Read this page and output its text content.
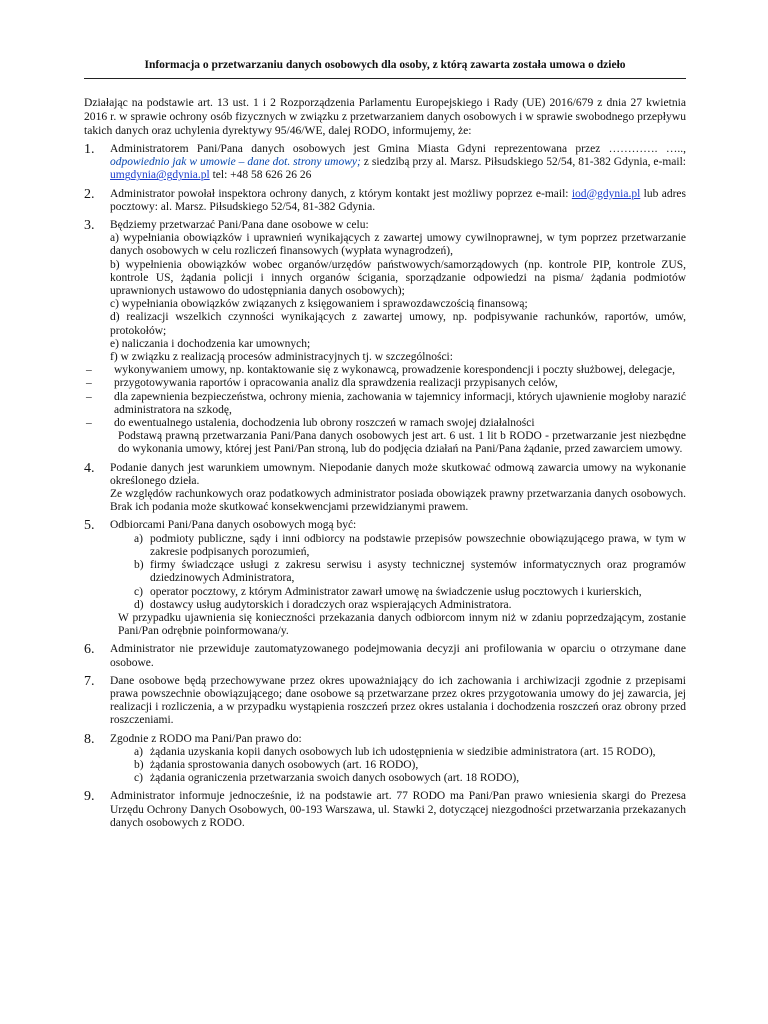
Informacja o przetwarzaniu danych osobowych dla osoby, z którą zawarta została umowa o dzieło

Działając na podstawie art. 13 ust. 1 i 2 Rozporządzenia Parlamentu Europejskiego i Rady (UE) 2016/679 z dnia 27 kwietnia 2016 r. w sprawie ochrony osób fizycznych w związku z przetwarzaniem danych osobowych i w sprawie swobodnego przepływu takich danych oraz uchylenia dyrektywy 95/46/WE, dalej RODO, informujemy, że:

1. Administratorem Pani/Pana danych osobowych jest Gmina Miasta Gdyni reprezentowana przez …………. ….., odpowiednio jak w umowie – dane dot. strony umowy; z siedzibą przy al. Marsz. Piłsudskiego 52/54, 81-382 Gdynia, e-mail: umgdynia@gdynia.pl tel: +48 58 626 26 26

2. Administrator powołał inspektora ochrony danych, z którym kontakt jest możliwy poprzez e-mail: iod@gdynia.pl lub adres pocztowy: al. Marsz. Piłsudskiego 52/54, 81-382 Gdynia.

3. Będziemy przetwarzać Pani/Pana dane osobowe w celu:

a) wypełniania obowiązków i uprawnień wynikających z zawartej umowy cywilnoprawnej, w tym poprzez przetwarzanie danych osobowych w celu rozliczeń finansowych (wypłata wynagrodzeń),

b) wypełnienia obowiązków wobec organów/urzędów państwowych/samorządowych (np. kontrole PIP, kontrole ZUS, kontrole US, żądania policji i innych organów ścigania, sporządzanie odpowiedzi na pisma/ żądania podmiotów uprawnionych ustawowo do udostępniania danych osobowych);

c) wypełniania obowiązków związanych z księgowaniem i sprawozdawczością finansową;

d) realizacji wszelkich czynności wynikających z zawartej umowy, np. podpisywanie rachunków, raportów, umów, protokołów;

e) naliczania i dochodzenia kar umownych;

f) w związku z realizacją procesów administracyjnych tj. w szczególności:

– wykonywaniem umowy, np. kontaktowanie się z wykonawcą, prowadzenie korespondencji i poczty służbowej, delegacje,

– przygotowywania raportów i opracowania analiz dla sprawdzenia realizacji przypisanych celów,

– dla zapewnienia bezpieczeństwa, ochrony mienia, zachowania w tajemnicy informacji, których ujawnienie mogłoby narazić administratora na szkodę,

– do ewentualnego ustalenia, dochodzenia lub obrony roszczeń w ramach swojej działalności

Podstawą prawną przetwarzania Pani/Pana danych osobowych jest art. 6 ust. 1 lit b RODO - przetwarzanie jest niezbędne do wykonania umowy, której jest Pani/Pan stroną, lub do podjęcia działań na Pani/Pana żądanie, przed zawarciem umowy.

4. Podanie danych jest warunkiem umownym. Niepodanie danych może skutkować odmową zawarcia umowy na wykonanie określonego dzieła.

Ze względów rachunkowych oraz podatkowych administrator posiada obowiązek prawny przetwarzania danych osobowych. Brak ich podania może skutkować konsekwencjami przewidzianymi prawem.

5. Odbiorcami Pani/Pana danych osobowych mogą być:

a) podmioty publiczne, sądy i inni odbiorcy na podstawie przepisów powszechnie obowiązującego prawa, w tym w zakresie podpisanych porozumień,

b) firmy świadczące usługi z zakresu serwisu i asysty technicznej systemów informatycznych oraz programów dziedzinowych Administratora,

c) operator pocztowy, z którym Administrator zawarł umowę na świadczenie usług pocztowych i kurierskich,

d) dostawcy usług audytorskich i doradczych oraz wspierających Administratora.

W przypadku ujawnienia się konieczności przekazania danych odbiorcom innym niż w zdaniu poprzedzającym, zostanie Pani/Pan odrębnie poinformowana/y.

6. Administrator nie przewiduje zautomatyzowanego podejmowania decyzji ani profilowania w oparciu o otrzymane dane osobowe.

7. Dane osobowe będą przechowywane przez okres upoważniający do ich zachowania i archiwizacji zgodnie z przepisami prawa powszechnie obowiązującego; dane osobowe są przetwarzane przez okres przygotowania umowy do jej zawarcia, jej realizacji i rozliczenia, a w przypadku wystąpienia roszczeń przez okres ustalania i dochodzenia roszczeń oraz obrony przed roszczeniami.

8. Zgodnie z RODO ma Pani/Pan prawo do:

a) żądania uzyskania kopii danych osobowych lub ich udostępnienia w siedzibie administratora (art. 15 RODO),

b) żądania sprostowania danych osobowych (art. 16 RODO),

c) żądania ograniczenia przetwarzania swoich danych osobowych (art. 18 RODO),

9. Administrator informuje jednocześnie, iż na podstawie art. 77 RODO ma Pani/Pan prawo wniesienia skargi do Prezesa Urzędu Ochrony Danych Osobowych, 00-193 Warszawa, ul. Stawki 2, dotyczącej niezgodności przetwarzania przekazanych danych osobowych z RODO.
